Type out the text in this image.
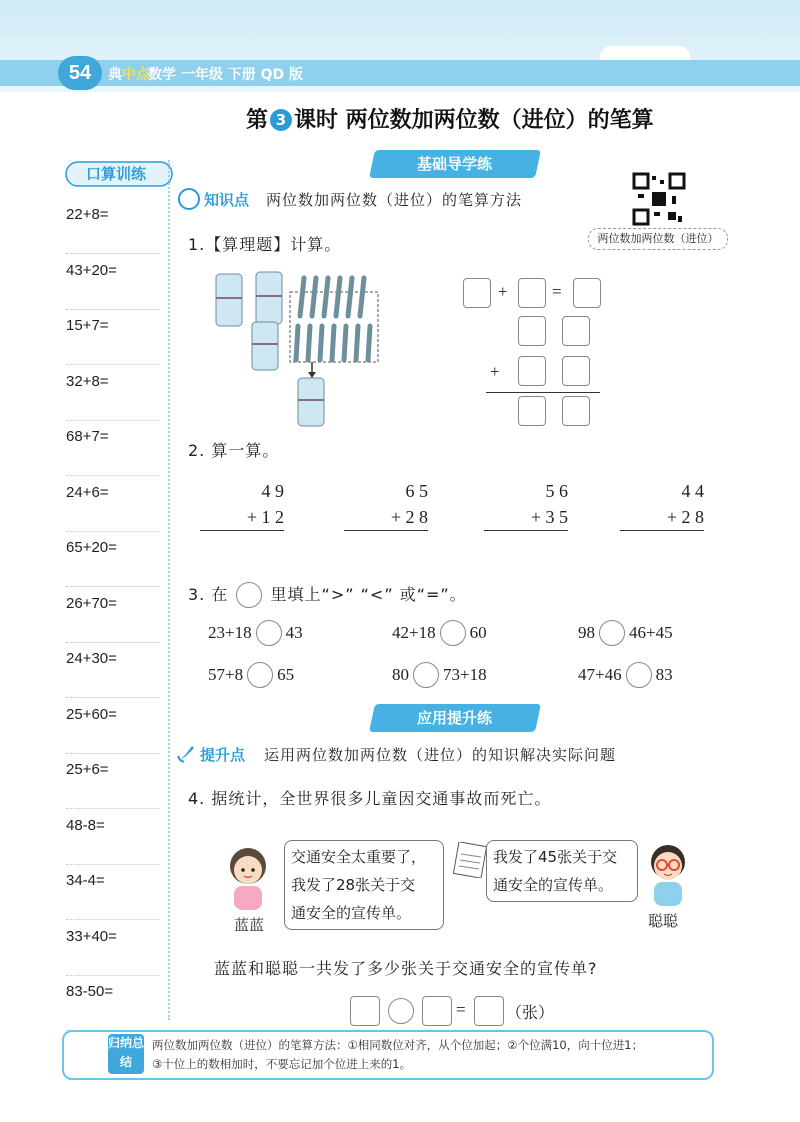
54	典中点
数学 一年级 下册 QD 版
第 3 课时 两位数加两位数（进位）的笔算
口算训练
22+8=
43+20=
15+7=
32+8=
68+7=
24+6=
65+20=
26+70=
24+30=
25+60=
25+6=
48-8=
34-4=
33+40=
83-50=
基础导学练
知识点 两位数加两位数（进位）的笔算方法
两位数加两位数（进位）
1.【算理题】计算。
+	=
+
2. 算一算。
4 9
+ 1 2
6 5
+ 2 8
5 6
+ 3 5
4 4
+ 2 8
3. 在	里填上“>” “<” 或“=”。
23+18 43	42+18 60	98 46+45
57+8 65	80 73+18	47+46 83
应用提升练
提升点 运用两位数加两位数（进位）的知识解决实际问题
4. 据统计，全世界很多儿童因交通事故而死亡。
蓝蓝
交通安全太重要了，
我发了28张关于交
通安全的宣传单。
我发了45张关于交
通安全的宣传单。
聪聪
蓝蓝和聪聪一共发了多少张关于交通安全的宣传单?
=	（张）
归纳总结
两位数加两位数（进位）的笔算方法：①相同数位对齐，从个位加起；②个位满10，向十位进1；
③十位上的数相加时，不要忘记加个位进上来的1。
